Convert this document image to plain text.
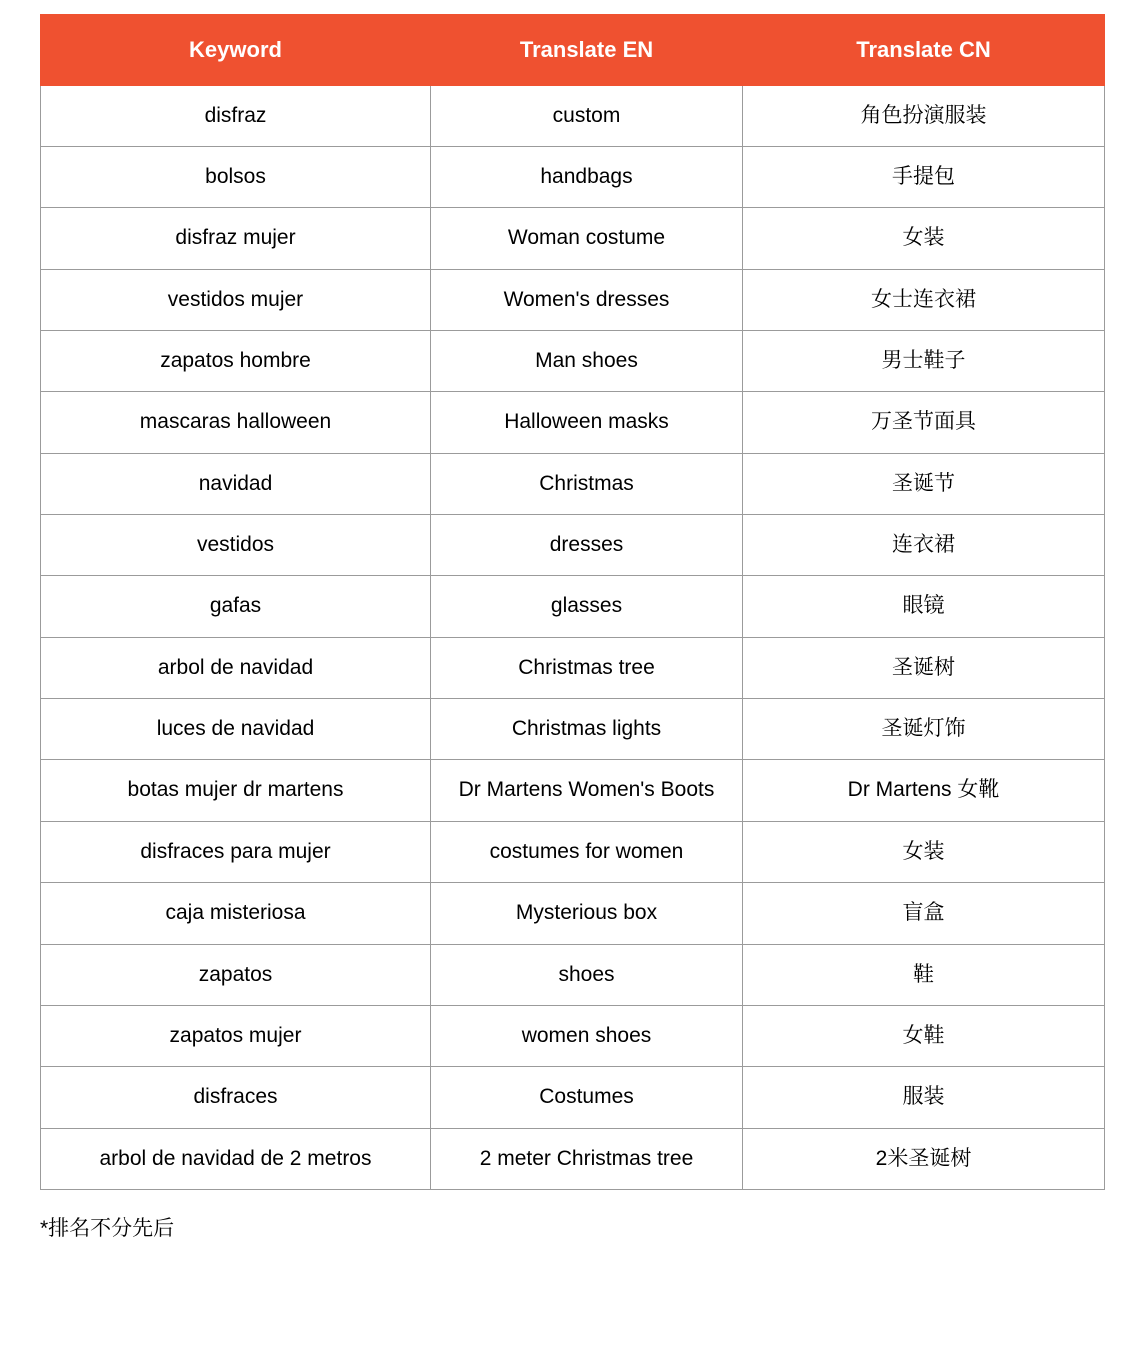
Keyword	Translate EN	Translate CN
disfraz	custom	角色扮演服装
bolsos	handbags	手提包
disfraz mujer	Woman costume	女装
vestidos mujer	Women's dresses	女士连衣裙
zapatos hombre	Man shoes	男士鞋子
mascaras halloween	Halloween masks	万圣节面具
navidad	Christmas	圣诞节
vestidos	dresses	连衣裙
gafas	glasses	眼镜
arbol de navidad	Christmas tree	圣诞树
luces de navidad	Christmas lights	圣诞灯饰
botas mujer dr martens	Dr Martens Women's Boots	Dr Martens 女靴
disfraces para mujer	costumes for women	女装
caja misteriosa	Mysterious box	盲盒
zapatos	shoes	鞋
zapatos mujer	women shoes	女鞋
disfraces	Costumes	服装
arbol de navidad de 2 metros	2 meter Christmas tree	2米圣诞树
*排名不分先后
